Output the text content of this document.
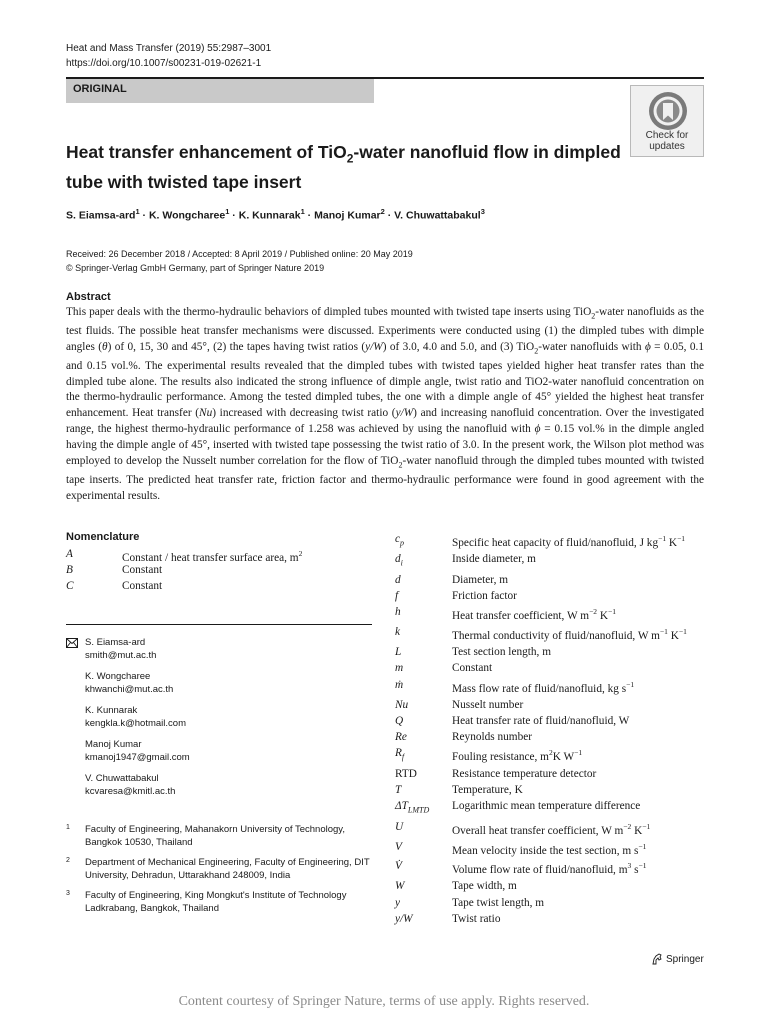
Heat and Mass Transfer (2019) 55:2987–3001
https://doi.org/10.1007/s00231-019-02621-1
ORIGINAL
Check for
updates
Heat transfer enhancement of TiO$_2$-water nanofluid flow in dimpled tube with twisted tape insert
S. Eiamsa-ard$^1$ · K. Wongcharee$^1$ · K. Kunnarak$^1$ · Manoj Kumar$^2$ · V. Chuwattabakul$^3$
Received: 26 December 2018 / Accepted: 8 April 2019 / Published online: 20 May 2019
© Springer-Verlag GmbH Germany, part of Springer Nature 2019
Abstract
This paper deals with the thermo-hydraulic behaviors of dimpled tubes mounted with twisted tape inserts using TiO$_2$-water nanofluids as the test fluids. The possible heat transfer mechanisms were discussed. Experiments were conducted using (1) the dimpled tubes with dimple angles (θ) of 0, 15, 30 and 45°, (2) the tapes having twist ratios (y/W) of 3.0, 4.0 and 5.0, and (3) TiO$_2$-water nanofluids with ϕ = 0.05, 0.1 and 0.15 vol.%. The experimental results revealed that the dimpled tubes with twisted tapes yielded higher heat transfer rates than the dimpled tube alone. The results also indicated the strong influence of dimple angle, twist ratio and TiO2-water nanofluid concentration on the thermo-hydraulic performance. Among the tested dimpled tubes, the one with a dimple angle of 45° yielded the highest heat transfer enhancement. Heat transfer (Nu) increased with decreasing twist ratio (y/W) and increasing nanofluid concentration. Over the investigated range, the highest thermo-hydraulic performance of 1.258 was achieved by using the nanofluid with ϕ = 0.15 vol.% in the dimple angled having the dimple angle of 45°, inserted with twisted tape possessing the twist ratio of 3.0. In the present work, the Wilson plot method was employed to develop the Nusselt number correlation for the flow of TiO$_2$-water nanofluid through the dimpled tubes mounted with twisted tape inserts. The predicted heat transfer rate, friction factor and thermo-hydraulic performance were found in good agreement with the experimental results.
Nomenclature
A	Constant / heat transfer surface area, $m^2$
B	Constant
C	Constant
S. Eiamsa-ard
smith@mut.ac.th
K. Wongcharee
khwanchi@mut.ac.th
K. Kunnarak
kengkla.k@hotmail.com
Manoj Kumar
kmanoj1947@gmail.com
V. Chuwattabakul
kcvaresa@kmitl.ac.th
1 Faculty of Engineering, Mahanakorn University of Technology, Bangkok 10530, Thailand
2 Department of Mechanical Engineering, Faculty of Engineering, DIT University, Dehradun, Uttarakhand 248009, India
3 Faculty of Engineering, King Mongkut's Institute of Technology Ladkrabang, Bangkok, Thailand
$c_p$	Specific heat capacity of fluid/nanofluid, J $kg^{-1}$ $K^{-1}$
$d_i$	Inside diameter, m
d	Diameter, m
f	Friction factor
h	Heat transfer coefficient, W $m^{-2}$ $K^{-1}$
k	Thermal conductivity of fluid/nanofluid, W $m^{-1}$ $K^{-1}$
L	Test section length, m
m	Constant
ṁ	Mass flow rate of fluid/nanofluid, kg $s^{-1}$
Nu	Nusselt number
Q	Heat transfer rate of fluid/nanofluid, W
Re	Reynolds number
$R_f$	Fouling resistance, $m^2K$ $W^{-1}$
RTD	Resistance temperature detector
T	Temperature, K
$\Delta T_{LMTD}$	Logarithmic mean temperature difference
U	Overall heat transfer coefficient, W $m^{-2}$ $K^{-1}$
V	Mean velocity inside the test section, m $s^{-1}$
V̇	Volume flow rate of fluid/nanofluid, $m^3$ $s^{-1}$
W	Tape width, m
y	Tape twist length, m
y/W	Twist ratio
Springer
Content courtesy of Springer Nature, terms of use apply. Rights reserved.
